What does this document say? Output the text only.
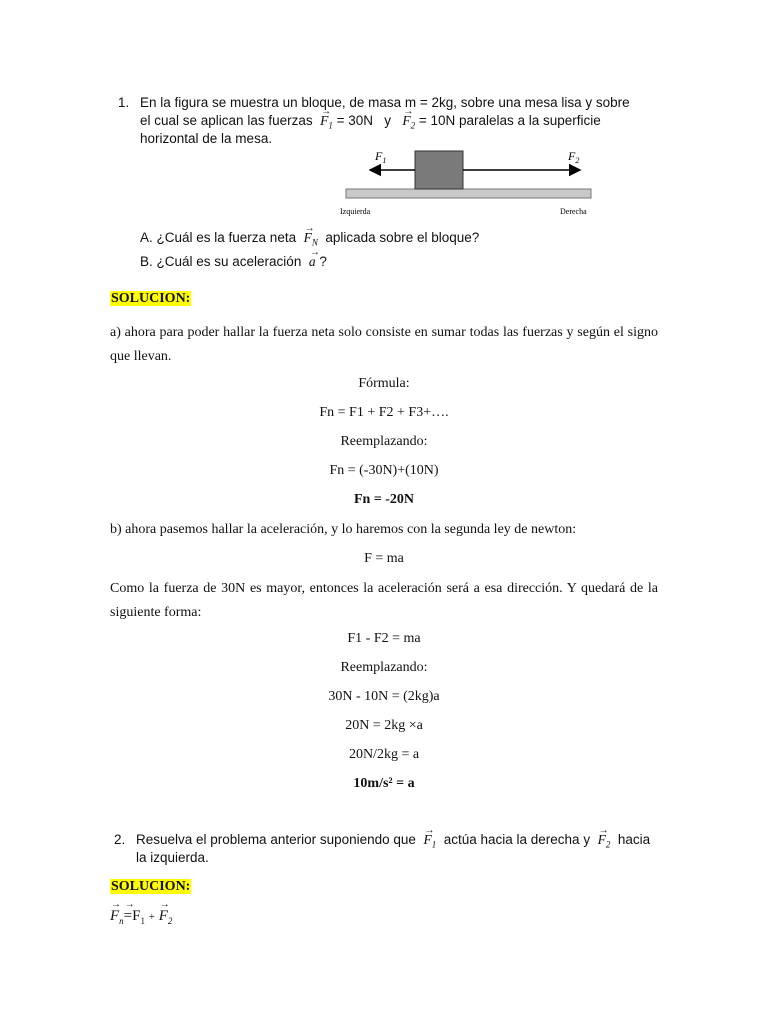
1. En la figura se muestra un bloque, de masa m = 2kg, sobre una mesa lisa y sobre
el cual se aplican las fuerzas → $F_1 = 30N$ $y \to F_2 = 10N$ paralelas a la superficie
horizontal de la mesa.
$F_1$	$F_2$
Izquierda	Derecha
A. ¿Cuál es la fuerza neta → $F_N$ aplicada sobre el bloque?
B. ¿Cuál es su aceleración → a ?
SOLUCION:
a) ahora para poder hallar la fuerza neta solo consiste en sumar todas las fuerzas y según el signo que llevan.
Fórmula:
Fn = F1 + F2 + F3+….
Reemplazando:
Fn = (-30N)+(10N)
Fn = -20N
b) ahora pasemos hallar la aceleración, y lo haremos con la segunda ley de newton:
F = ma
Como la fuerza de 30N es mayor, entonces la aceleración será a esa dirección. Y quedará de la siguiente forma:
F1 - F2 = ma
Reemplazando:
30N - 10N = (2kg)a
20N = 2kg ×a
20N/2kg = a
10m/s² = a
2. Resuelva el problema anterior suponiendo que → $F_1$ actúa hacia la derecha $y \to F_2$ hacia
la izquierda.
SOLUCION:
→ $F_n\to =F_1$ + → $F_2$
